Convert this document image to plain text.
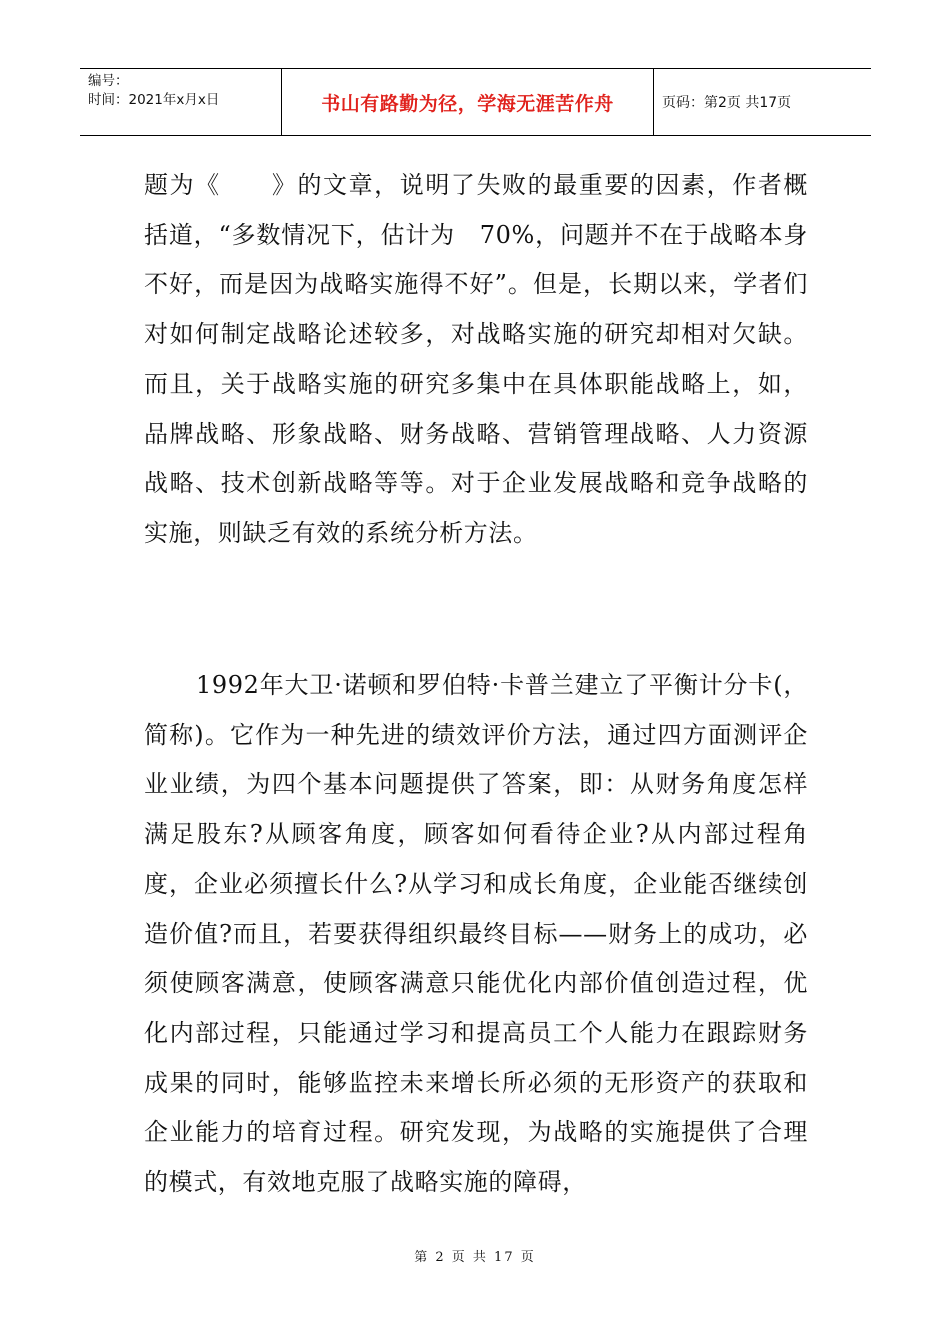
编号：
时间：2021年x月x日	书山有路勤为径，学海无涯苦作舟	页码：第2页 共17页

题为《　　》的文章，说明了失败的最重要的因素，作者概括道，“多数情况下，估计为　70%，问题并不在于战略本身不好，而是因为战略实施得不好”。但是，长期以来，学者们对如何制定战略论述较多，对战略实施的研究却相对欠缺。而且，关于战略实施的研究多集中在具体职能战略上，如，品牌战略、形象战略、财务战略、营销管理战略、人力资源战略、技术创新战略等等。对于企业发展战略和竞争战略的实施，则缺乏有效的系统分析方法。

1992年大卫·诺顿和罗伯特·卡普兰建立了平衡计分卡(，简称)。它作为一种先进的绩效评价方法，通过四方面测评企业业绩，为四个基本问题提供了答案，即：从财务角度怎样满足股东?从顾客角度，顾客如何看待企业?从内部过程角度，企业必须擅长什么?从学习和成长角度，企业能否继续创造价值?而且，若要获得组织最终目标——财务上的成功，必须使顾客满意，使顾客满意只能优化内部价值创造过程，优化内部过程，只能通过学习和提高员工个人能力在跟踪财务成果的同时，能够监控未来增长所必须的无形资产的获取和企业能力的培育过程。研究发现，为战略的实施提供了合理的模式，有效地克服了战略实施的障碍，

第 2 页 共 17 页
